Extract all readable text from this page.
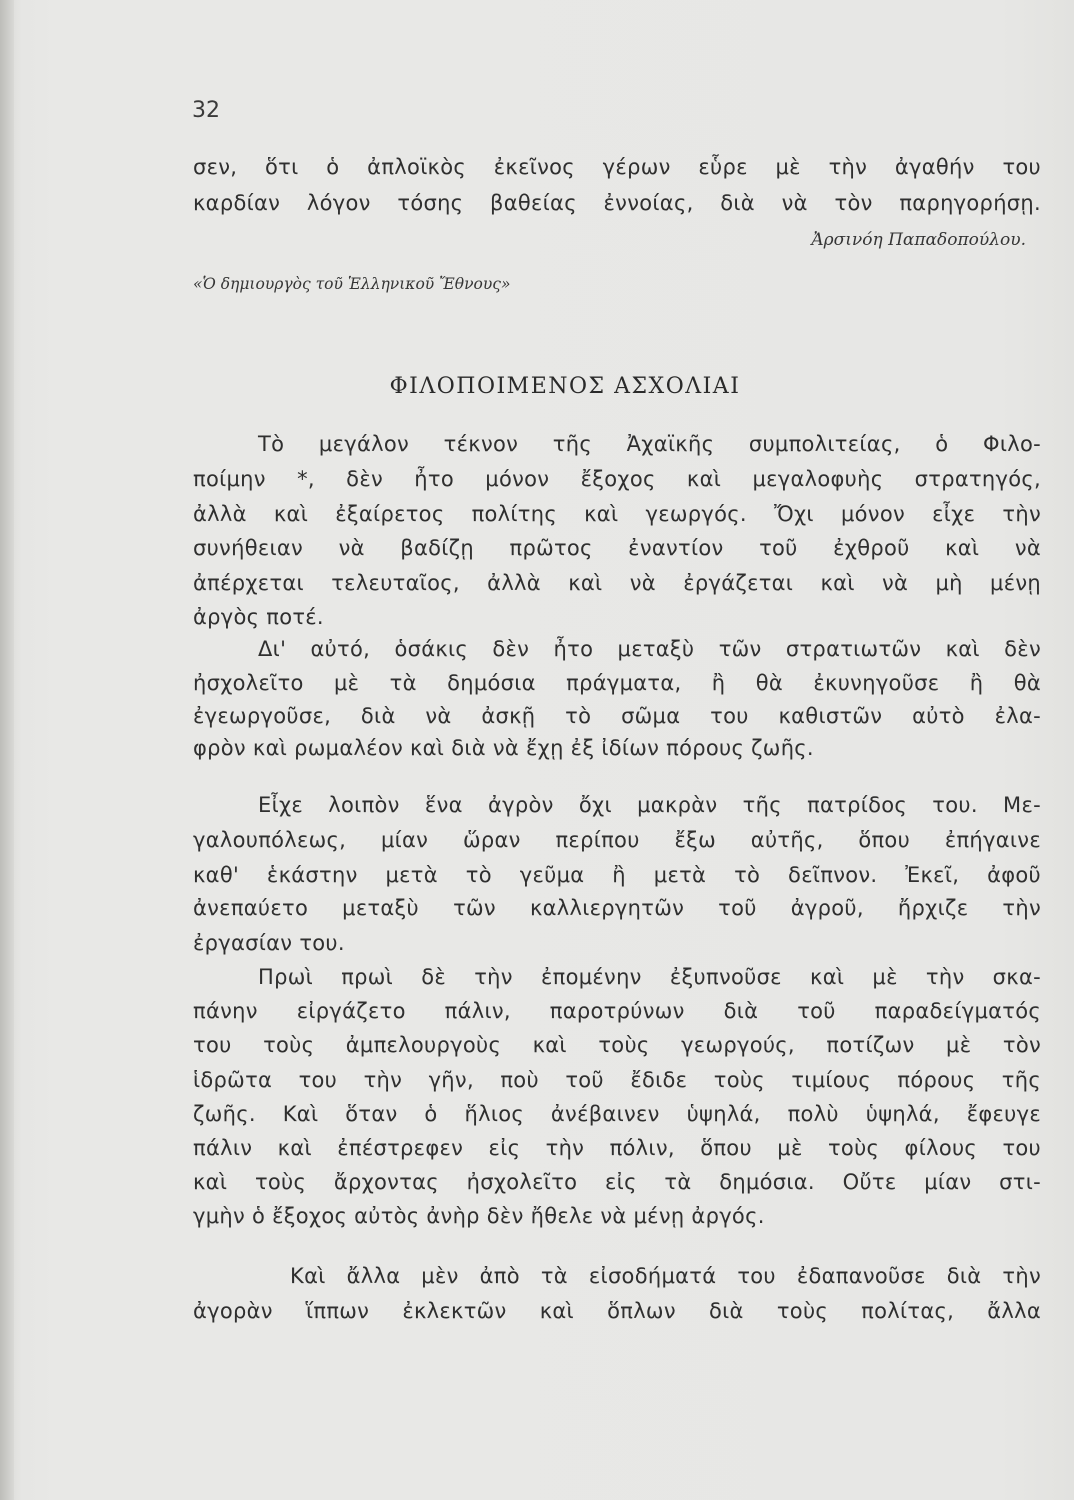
32
σεν, ὅτι ὁ ἀπλοϊκὸς ἐκεῖνος γέρων εὗρε μὲ τὴν ἀγαθήν του
καρδίαν λόγον τόσης βαθείας ἐννοίας, διὰ νὰ τὸν παρηγορήσῃ.
Ἀρσινόη Παπαδοπούλου.
«Ὁ δημιουργὸς τοῦ Ἑλληνικοῦ Ἔθνους»
ΦΙΛΟΠΟΙΜΕΝΟΣ ΑΣΧΟΛΙΑΙ
Τὸ μεγάλον τέκνον τῆς Ἀχαϊκῆς συμπολιτείας, ὁ Φιλο-
ποίμην *, δὲν ἦτο μόνον ἔξοχος καὶ μεγαλοφυὴς στρατηγός,
ἀλλὰ καὶ ἐξαίρετος πολίτης καὶ γεωργός. Ὄχι μόνον εἶχε τὴν
συνήθειαν νὰ βαδίζῃ πρῶτος ἐναντίον τοῦ ἐχθροῦ καὶ νὰ
ἀπέρχεται τελευταῖος, ἀλλὰ καὶ νὰ ἐργάζεται καὶ νὰ μὴ μένῃ
ἀργὸς ποτέ.
Δι' αὐτό, ὁσάκις δὲν ἦτο μεταξὺ τῶν στρατιωτῶν καὶ δὲν
ἠσχολεῖτο μὲ τὰ δημόσια πράγματα, ἢ θὰ ἐκυνηγοῦσε ἢ θὰ
ἐγεωργοῦσε, διὰ νὰ ἀσκῇ τὸ σῶμα του καθιστῶν αὐτὸ ἐλα-
φρὸν καὶ ρωμαλέον καὶ διὰ νὰ ἔχῃ ἐξ ἰδίων πόρους ζωῆς.
Εἶχε λοιπὸν ἕνα ἀγρὸν ὄχι μακρὰν τῆς πατρίδος του. Με-
γαλουπόλεως, μίαν ὥραν περίπου ἔξω αὐτῆς, ὅπου ἐπήγαινε
καθ' ἑκάστην μετὰ τὸ γεῦμα ἢ μετὰ τὸ δεῖπνον. Ἐκεῖ, ἀφοῦ
ἀνεπαύετο μεταξὺ τῶν καλλιεργητῶν τοῦ ἀγροῦ, ἤρχιζε τὴν
ἐργασίαν του.
Πρωὶ πρωὶ δὲ τὴν ἐπομένην ἐξυπνοῦσε καὶ μὲ τὴν σκα-
πάνην εἰργάζετο πάλιν, παροτρύνων διὰ τοῦ παραδείγματός
του τοὺς ἀμπελουργοὺς καὶ τοὺς γεωργούς, ποτίζων μὲ τὸν
ἱδρῶτα του τὴν γῆν, ποὺ τοῦ ἔδιδε τοὺς τιμίους πόρους τῆς
ζωῆς. Καὶ ὅταν ὁ ἥλιος ἀνέβαινεν ὑψηλά, πολὺ ὑψηλά, ἔφευγε
πάλιν καὶ ἐπέστρεφεν εἰς τὴν πόλιν, ὅπου μὲ τοὺς φίλους του
καὶ τοὺς ἄρχοντας ἠσχολεῖτο εἰς τὰ δημόσια. Οὔτε μίαν στι-
γμὴν ὁ ἔξοχος αὐτὸς ἀνὴρ δὲν ἤθελε νὰ μένῃ ἀργός.
Καὶ ἄλλα μὲν ἀπὸ τὰ εἰσοδήματά του ἐδαπανοῦσε διὰ τὴν
ἀγορὰν ἵππων ἐκλεκτῶν καὶ ὅπλων διὰ τοὺς πολίτας, ἄλλα
